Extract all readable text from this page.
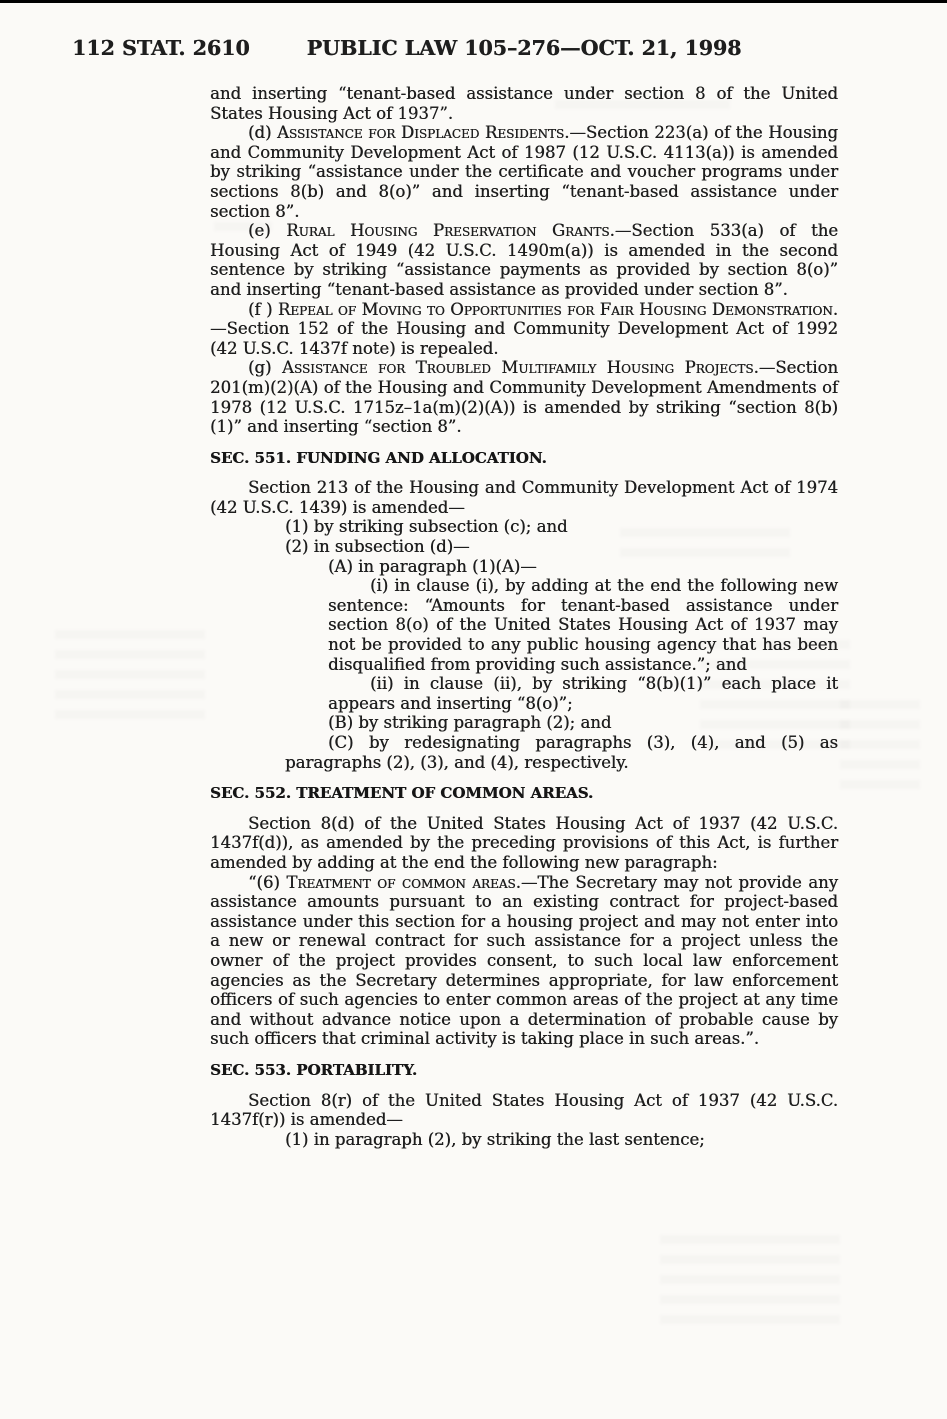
112 STAT. 2610	PUBLIC LAW 105–276—OCT. 21, 1998

and inserting “tenant-based assistance under section 8 of the United States Housing Act of 1937”.

(d) Assistance for Displaced Residents.—Section 223(a) of the Housing and Community Development Act of 1987 (12 U.S.C. 4113(a)) is amended by striking “assistance under the certificate and voucher programs under sections 8(b) and 8(o)” and inserting “tenant-based assistance under section 8”.

(e) Rural Housing Preservation Grants.—Section 533(a) of the Housing Act of 1949 (42 U.S.C. 1490m(a)) is amended in the second sentence by striking “assistance payments as provided by section 8(o)” and inserting “tenant-based assistance as provided under section 8”.

(f ) Repeal of Moving to Opportunities for Fair Housing Demonstration.—Section 152 of the Housing and Community Development Act of 1992 (42 U.S.C. 1437f note) is repealed.

(g) Assistance for Troubled Multifamily Housing Projects.—Section 201(m)(2)(A) of the Housing and Community Development Amendments of 1978 (12 U.S.C. 1715z–1a(m)(2)(A)) is amended by striking “section 8(b)(1)” and inserting “section 8”.

SEC. 551. FUNDING AND ALLOCATION.

Section 213 of the Housing and Community Development Act of 1974 (42 U.S.C. 1439) is amended—

(1) by striking subsection (c); and

(2) in subsection (d)—

(A) in paragraph (1)(A)—

(i) in clause (i), by adding at the end the following new sentence: “Amounts for tenant-based assistance under section 8(o) of the United States Housing Act of 1937 may not be provided to any public housing agency that has been disqualified from providing such assistance.”; and

(ii) in clause (ii), by striking “8(b)(1)” each place it appears and inserting “8(o)”;

(B) by striking paragraph (2); and

(C) by redesignating paragraphs (3), (4), and (5) as paragraphs (2), (3), and (4), respectively.

SEC. 552. TREATMENT OF COMMON AREAS.

Section 8(d) of the United States Housing Act of 1937 (42 U.S.C. 1437f(d)), as amended by the preceding provisions of this Act, is further amended by adding at the end the following new paragraph:

“(6) Treatment of common areas.—The Secretary may not provide any assistance amounts pursuant to an existing contract for project-based assistance under this section for a housing project and may not enter into a new or renewal contract for such assistance for a project unless the owner of the project provides consent, to such local law enforcement agencies as the Secretary determines appropriate, for law enforcement officers of such agencies to enter common areas of the project at any time and without advance notice upon a determination of probable cause by such officers that criminal activity is taking place in such areas.”.

SEC. 553. PORTABILITY.

Section 8(r) of the United States Housing Act of 1937 (42 U.S.C. 1437f(r)) is amended—

(1) in paragraph (2), by striking the last sentence;
